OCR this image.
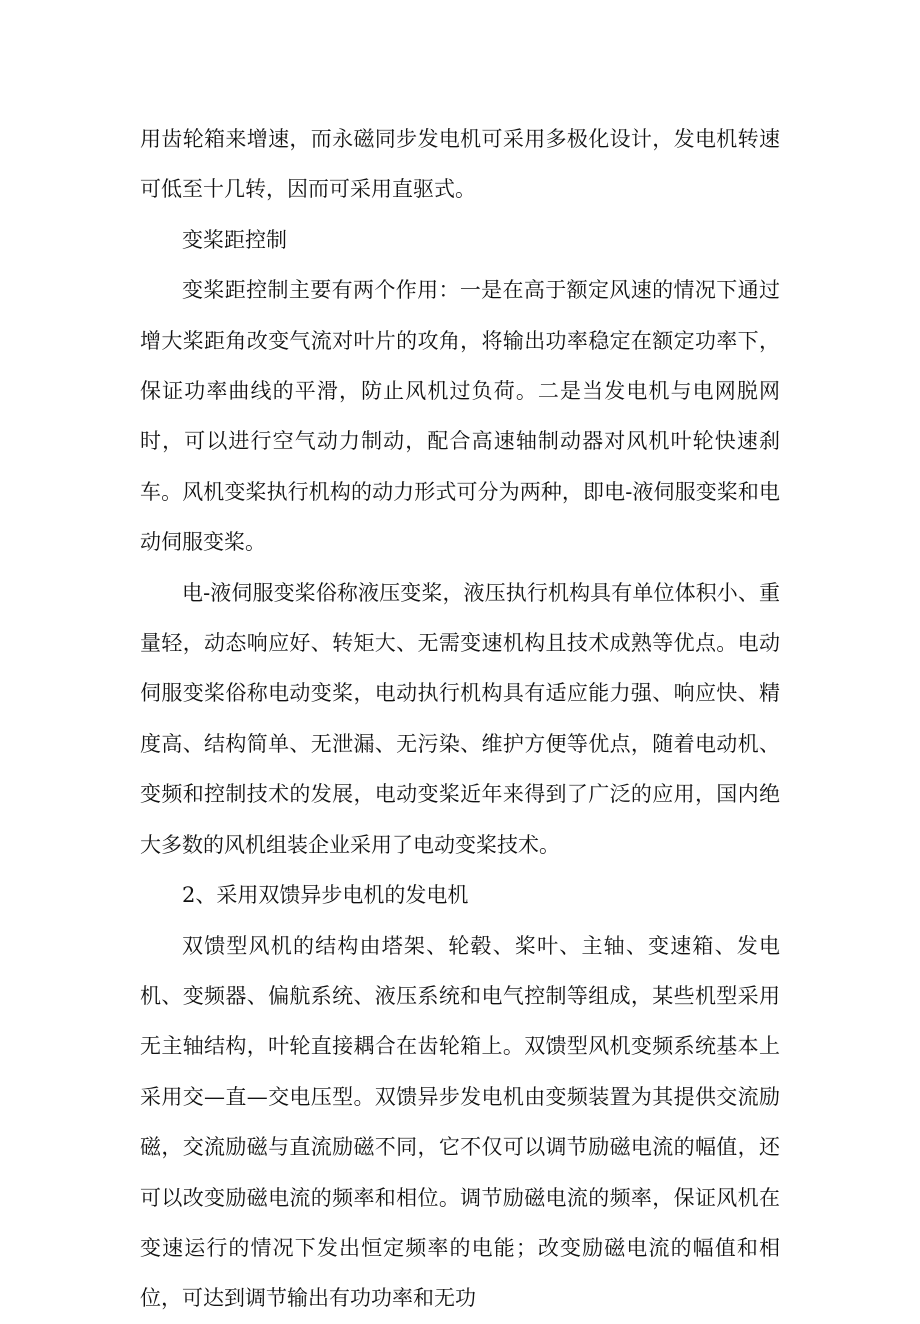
用齿轮箱来增速，而永磁同步发电机可采用多极化设计，发电机转速可低至十几转，因而可采用直驱式。

变桨距控制

变桨距控制主要有两个作用：一是在高于额定风速的情况下通过增大桨距角改变气流对叶片的攻角，将输出功率稳定在额定功率下，保证功率曲线的平滑，防止风机过负荷。二是当发电机与电网脱网时，可以进行空气动力制动，配合高速轴制动器对风机叶轮快速刹车。风机变桨执行机构的动力形式可分为两种，即电-液伺服变桨和电动伺服变桨。

电-液伺服变桨俗称液压变桨，液压执行机构具有单位体积小、重量轻，动态响应好、转矩大、无需变速机构且技术成熟等优点。电动伺服变桨俗称电动变桨，电动执行机构具有适应能力强、响应快、精度高、结构简单、无泄漏、无污染、维护方便等优点，随着电动机、变频和控制技术的发展，电动变桨近年来得到了广泛的应用，国内绝大多数的风机组装企业采用了电动变桨技术。

2、采用双馈异步电机的发电机

双馈型风机的结构由塔架、轮毂、桨叶、主轴、变速箱、发电机、变频器、偏航系统、液压系统和电气控制等组成，某些机型采用无主轴结构，叶轮直接耦合在齿轮箱上。双馈型风机变频系统基本上采用交—直—交电压型。双馈异步发电机由变频装置为其提供交流励磁，交流励磁与直流励磁不同，它不仅可以调节励磁电流的幅值，还可以改变励磁电流的频率和相位。调节励磁电流的频率，保证风机在变速运行的情况下发出恒定频率的电能；改变励磁电流的幅值和相位，可达到调节输出有功功率和无功
